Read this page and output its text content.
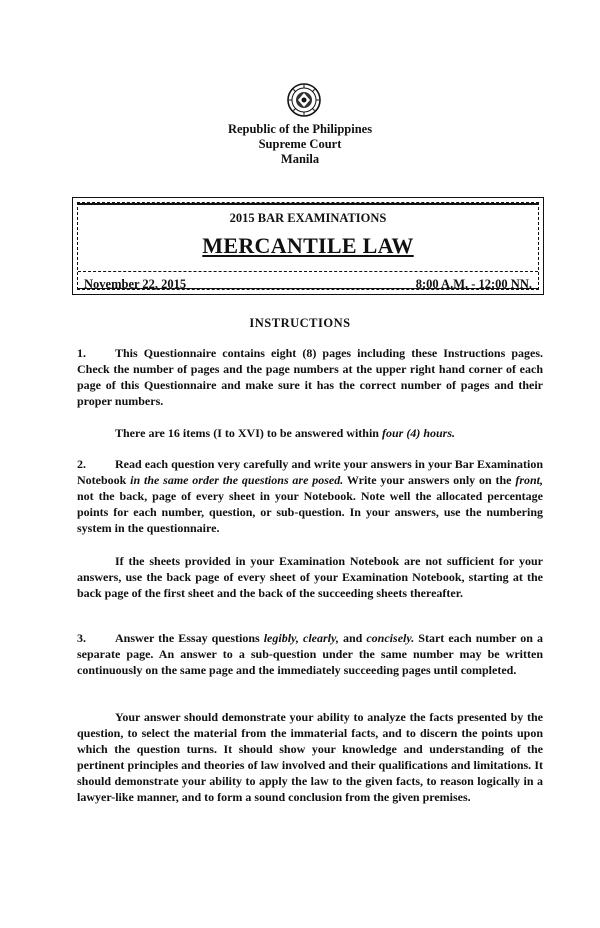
Republic of the Philippines
Supreme Court
Manila
2015 BAR EXAMINATIONS
MERCANTILE LAW
November 22, 2015	8:00 A.M. - 12:00 NN.
INSTRUCTIONS
1. This Questionnaire contains eight (8) pages including these Instructions pages. Check the number of pages and the page numbers at the upper right hand corner of each page of this Questionnaire and make sure it has the correct number of pages and their proper numbers.
There are 16 items (I to XVI) to be answered within four (4) hours.
2. Read each question very carefully and write your answers in your Bar Examination Notebook in the same order the questions are posed. Write your answers only on the front, not the back, page of every sheet in your Notebook. Note well the allocated percentage points for each number, question, or sub-question. In your answers, use the numbering system in the questionnaire.
If the sheets provided in your Examination Notebook are not sufficient for your answers, use the back page of every sheet of your Examination Notebook, starting at the back page of the first sheet and the back of the succeeding sheets thereafter.
3. Answer the Essay questions legibly, clearly, and concisely. Start each number on a separate page. An answer to a sub-question under the same number may be written continuously on the same page and the immediately succeeding pages until completed.
Your answer should demonstrate your ability to analyze the facts presented by the question, to select the material from the immaterial facts, and to discern the points upon which the question turns. It should show your knowledge and understanding of the pertinent principles and theories of law involved and their qualifications and limitations. It should demonstrate your ability to apply the law to the given facts, to reason logically in a lawyer-like manner, and to form a sound conclusion from the given premises.
